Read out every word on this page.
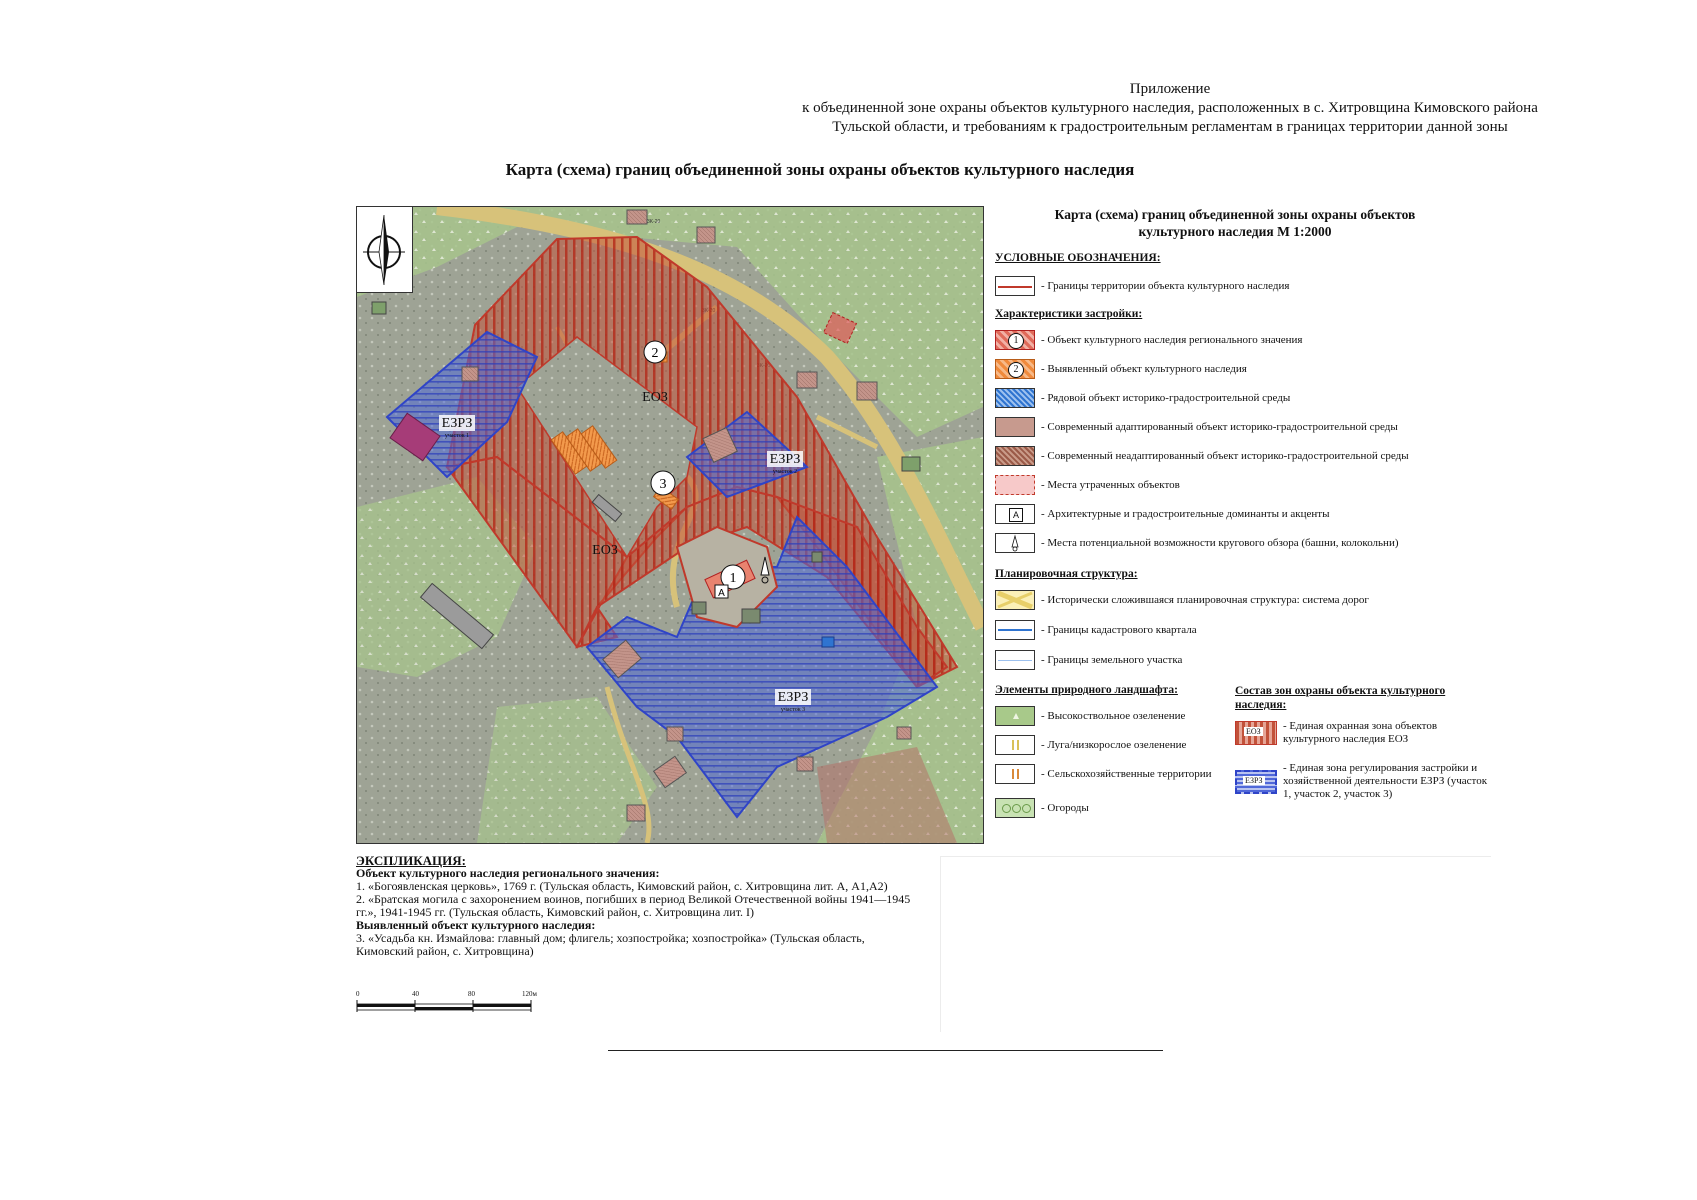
Приложение
к объединенной зоне охраны объектов культурного наследия, расположенных в с. Хитровщина Кимовского района
Тульской области, и требованиям к градостроительным регламентам в границах территории данной зоны
Карта (схема) границ объединенной зоны охраны объектов культурного наследия
3K-20
1
2
3
А
ЕОЗ
ЕОЗ
ЕЗРЗ
участок 1
ЕЗРЗ
участок 2
ЕЗРЗ
участок 3
Карта (схема) границ объединенной зоны охраны объектов
культурного наследия М 1:2000
УСЛОВНЫЕ ОБОЗНАЧЕНИЯ:
- Границы территории объекта культурного наследия
Характеристики застройки:
1	- Объект культурного наследия регионального значения
2	- Выявленный объект культурного наследия
- Рядовой объект историко-градостроительной среды
- Современный адаптированный объект историко-градостроительной среды
- Современный неадаптированный объект историко-градостроительной среды
- Места утраченных объектов
А	- Архитектурные и градостроительные доминанты и акценты
- Места потенциальной возможности кругового обзора (башни, колокольни)
Планировочная структура:
- Исторически сложившаяся планировочная структура: система дорог
- Границы кадастрового квартала
- Границы земельного участка
Элементы природного ландшафта:
- Высокоствольное озеленение
- Луга/низкорослое озеленение
- Сельскохозяйственные территории
- Огороды
Состав зон охраны объекта культурного наследия:
ЕОЗ - Единая охранная зона объектов культурного наследия ЕОЗ
ЕЗРЗ
- Единая зона регулирования застройки и хозяйственной деятельности ЕЗРЗ (участок 1, участок 2, участок 3)
ЭКСПЛИКАЦИЯ:
Объект культурного наследия регионального значения:
1. «Богоявленская церковь», 1769 г. (Тульская область, Кимовский район, с. Хитровщина лит. А, А1,А2)
2. «Братская могила с захоронением воинов, погибших в период Великой Отечественной войны 1941—1945 гг.», 1941-1945 гг. (Тульская область, Кимовский район, с. Хитровщина лит. I)
Выявленный объект культурного наследия:
3. «Усадьба кн. Измайлова: главный дом; флигель; хозпостройка; хозпостройка» (Тульская область, Кимовский район, с. Хитровщина)
0	40	80	120м
